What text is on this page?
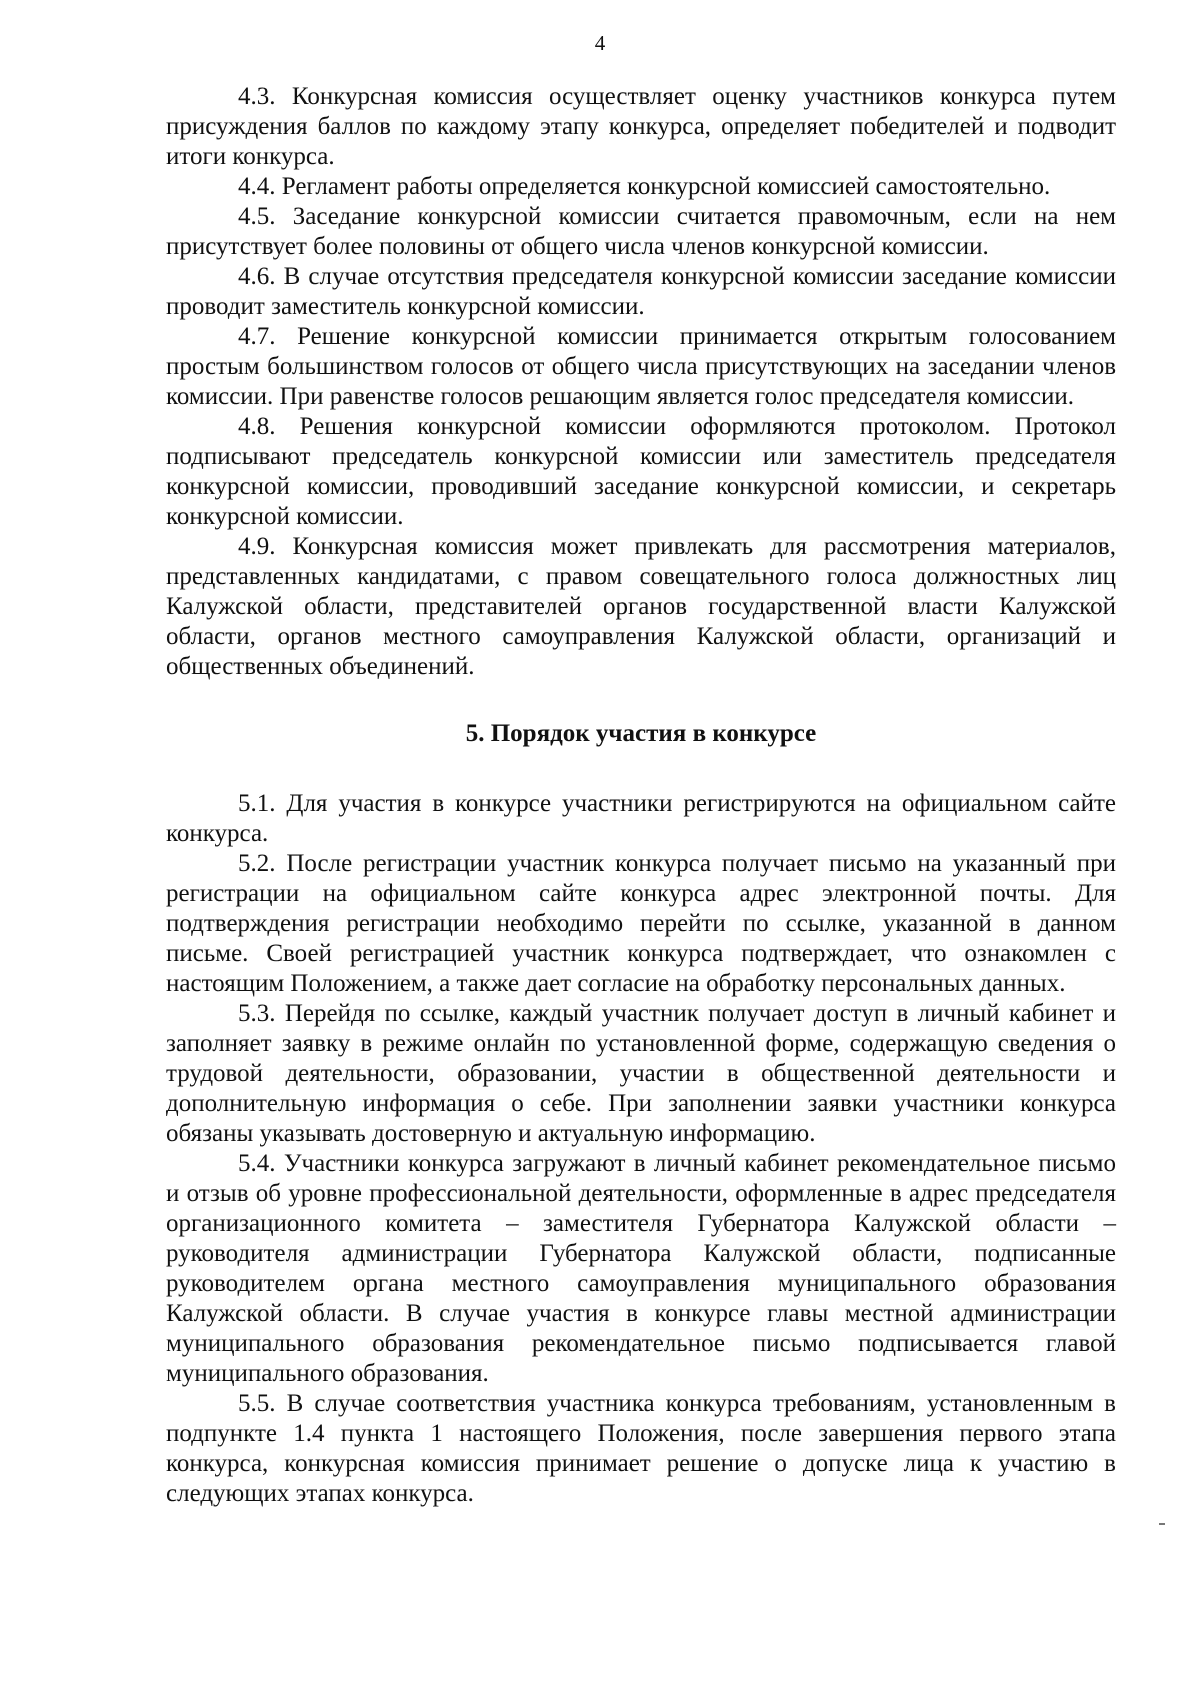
4

4.3. Конкурсная комиссия осуществляет оценку участников конкурса путем присуждения баллов по каждому этапу конкурса, определяет победителей и подводит итоги конкурса.

4.4. Регламент работы определяется конкурсной комиссией самостоятельно.

4.5. Заседание конкурсной комиссии считается правомочным, если на нем присутствует более половины от общего числа членов конкурсной комиссии.

4.6. В случае отсутствия председателя конкурсной комиссии заседание комиссии проводит заместитель конкурсной комиссии.

4.7. Решение конкурсной комиссии принимается открытым голосованием простым большинством голосов от общего числа присутствующих на заседании членов комиссии. При равенстве голосов решающим является голос председателя комиссии.

4.8. Решения конкурсной комиссии оформляются протоколом. Протокол подписывают председатель конкурсной комиссии или заместитель председателя конкурсной комиссии, проводивший заседание конкурсной комиссии, и секретарь конкурсной комиссии.

4.9. Конкурсная комиссия может привлекать для рассмотрения материалов, представленных кандидатами, с правом совещательного голоса должностных лиц Калужской области, представителей органов государственной власти Калужской области, органов местного самоуправления Калужской области, организаций и общественных объединений.

5. Порядок участия в конкурсе

5.1. Для участия в конкурсе участники регистрируются на официальном сайте конкурса.

5.2. После регистрации участник конкурса получает письмо на указанный при регистрации на официальном сайте конкурса адрес электронной почты. Для подтверждения регистрации необходимо перейти по ссылке, указанной в данном письме. Своей регистрацией участник конкурса подтверждает, что ознакомлен с настоящим Положением, а также дает согласие на обработку персональных данных.

5.3. Перейдя по ссылке, каждый участник получает доступ в личный кабинет и заполняет заявку в режиме онлайн по установленной форме, содержащую сведения о трудовой деятельности, образовании, участии в общественной деятельности и дополнительную информация о себе. При заполнении заявки участники конкурса обязаны указывать достоверную и актуальную информацию.

5.4. Участники конкурса загружают в личный кабинет рекомендательное письмо и отзыв об уровне профессиональной деятельности, оформленные в адрес председателя организационного комитета – заместителя Губернатора Калужской области – руководителя администрации Губернатора Калужской области, подписанные руководителем органа местного самоуправления муниципального образования Калужской области. В случае участия в конкурсе главы местной администрации муниципального образования рекомендательное письмо подписывается главой муниципального образования.

5.5. В случае соответствия участника конкурса требованиям, установленным в подпункте 1.4 пункта 1 настоящего Положения, после завершения первого этапа конкурса, конкурсная комиссия принимает решение о допуске лица к участию в следующих этапах конкурса.
